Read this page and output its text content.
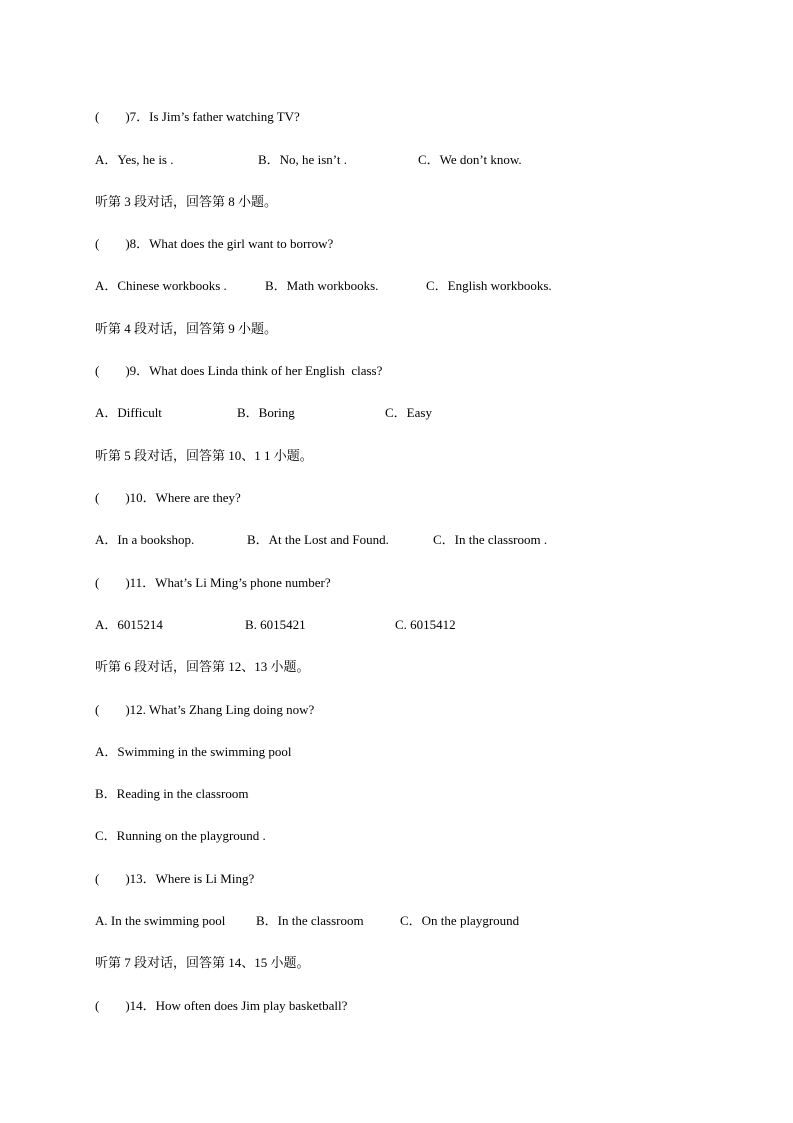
(        )7．Is Jim’s father watching TV?

A．Yes, he is .

	B．No, he isn’t .

	C．We don’t know.

听第 3 段对话，回答第 8 小题。
(        )8．What does the girl want to borrow?

A．Chinese workbooks .

	B．Math workbooks.

	C．English workbooks.

听第 4 段对话，回答第 9 小题。
(        )9．What does Linda think of her English  class?

A．Difficult

	B．Boring

	C．Easy

听第 5 段对话，回答第 10、1 1 小题。
(        )10．Where are they?

A．In a bookshop.

	B．At the Lost and Found.

	C．In the classroom .

(        )11．What’s Li Ming’s phone number?

A．6015214

	B. 6015421

	C. 6015412

听第 6 段对话，回答第 12、13 小题。
(        )12. What’s Zhang Ling doing now?
A．Swimming in the swimming pool
B．Reading in the classroom
C．Running on the playground .
(        )13．Where is Li Ming?

A. In the swimming pool

B．In the classroom

	C．On the playground

听第 7 段对话，回答第 14、15 小题。
(        )14．How often does Jim play basketball?
